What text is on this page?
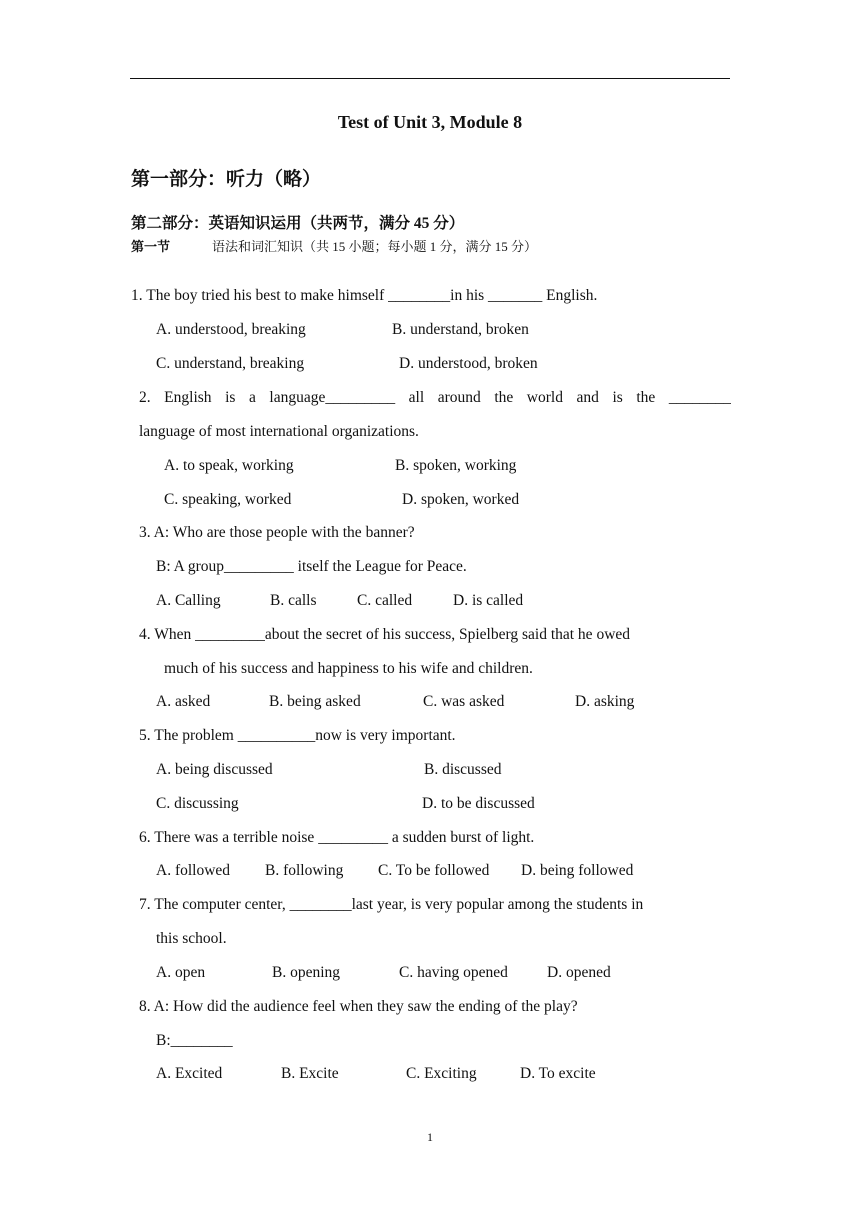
Test of Unit 3, Module 8
第一部分：听力（略）
第二部分：英语知识运用（共两节，满分 45 分）
第一节	语法和词汇知识（共 15 小题；每小题 1 分，满分 15 分）
1. The boy tried his best to make himself ________in his _______ English.
A. understood, breaking	B. understand, broken
C. understand, breaking	D. understood, broken
2. English is a language_________ all around the world and is the ________
language of most international organizations.
A. to speak, working	B. spoken, working
C. speaking, worked	D. spoken, worked
3. A: Who are those people with the banner?
B: A group_________ itself the League for Peace.
A. Calling	B. calls	C. called	D. is called
4. When _________about the secret of his success, Spielberg said that he owed
much of his success and happiness to his wife and children.
A. asked	B. being asked	C. was asked	D. asking
5. The problem __________now is very important.
A. being discussed	B. discussed
C. discussing	D. to be discussed
6. There was a terrible noise _________ a sudden burst of light.
A. followed B. following C. To be followed D. being followed
7. The computer center, ________last year, is very popular among the students in
this school.
A. open	B. opening	C. having opened	D. opened
8. A: How did the audience feel when they saw the ending of the play?
B:________
A. Excited	B. Excite	C. Exciting	D. To excite
1
